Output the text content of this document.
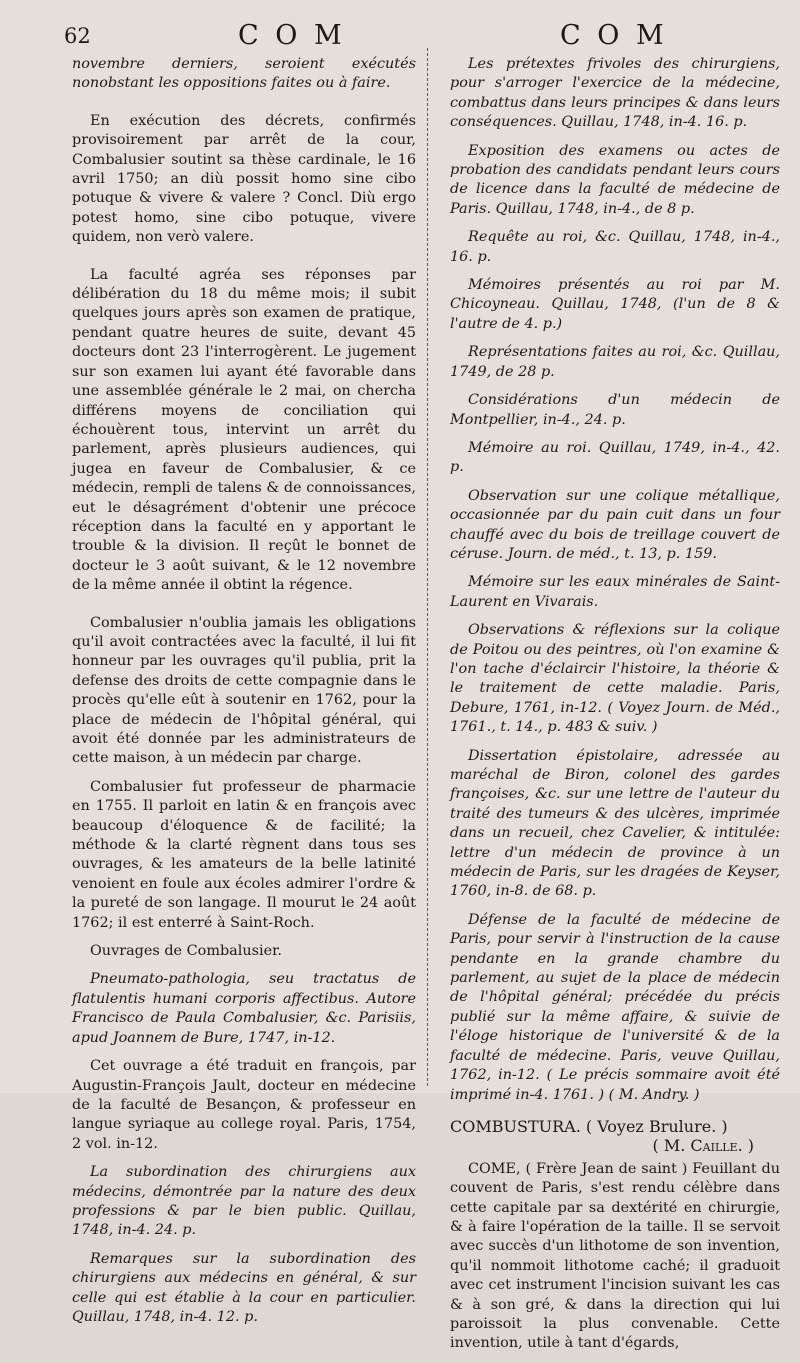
62	C O M	C O M

novembre derniers, seroient exécutés nonobstant les oppositions faites ou à faire.

En exécution des décrets, confirmés provisoirement par arrêt de la cour, Combalusier soutint sa thèse cardinale, le 16 avril 1750; an diù possit homo sine cibo potuque & vivere & valere ? Concl. Diù ergo potest homo, sine cibo potuque, vivere quidem, non verò valere.

La faculté agréa ses réponses par délibération du 18 du même mois; il subit quelques jours après son examen de pratique, pendant quatre heures de suite, devant 45 docteurs dont 23 l'interrogèrent. Le jugement sur son examen lui ayant été favorable dans une assemblée générale le 2 mai, on chercha différens moyens de conciliation qui échouèrent tous, intervint un arrêt du parlement, après plusieurs audiences, qui jugea en faveur de Combalusier, & ce médecin, rempli de talens & de connoissances, eut le désagrément d'obtenir une précoce réception dans la faculté en y apportant le trouble & la division. Il reçût le bonnet de docteur le 3 août suivant, & le 12 novembre de la même année il obtint la régence.

Combalusier n'oublia jamais les obligations qu'il avoit contractées avec la faculté, il lui fit honneur par les ouvrages qu'il publia, prit la defense des droits de cette compagnie dans le procès qu'elle eût à soutenir en 1762, pour la place de médecin de l'hôpital général, qui avoit été donnée par les administrateurs de cette maison, à un médecin par charge.

Combalusier fut professeur de pharmacie en 1755. Il parloit en latin & en françois avec beaucoup d'éloquence & de facilité; la méthode & la clarté règnent dans tous ses ouvrages, & les amateurs de la belle latinité venoient en foule aux écoles admirer l'ordre & la pureté de son langage. Il mourut le 24 août 1762; il est enterré à Saint-Roch.

Ouvrages de Combalusier.

Pneumato-pathologia, seu tractatus de flatulentis humani corporis affectibus. Autore Francisco de Paula Combalusier, &c. Parisiis, apud Joannem de Bure, 1747, in-12.

Cet ouvrage a été traduit en françois, par Augustin-François Jault, docteur en médecine de la faculté de Besançon, & professeur en langue syriaque au college royal. Paris, 1754, 2 vol. in-12.

La subordination des chirurgiens aux médecins, démontrée par la nature des deux professions & par le bien public. Quillau, 1748, in-4. 24. p.

Remarques sur la subordination des chirurgiens aux médecins en général, & sur celle qui est établie à la cour en particulier. Quillau, 1748, in-4. 12. p.

Les prétextes frivoles des chirurgiens, pour s'arroger l'exercice de la médecine, combattus dans leurs principes & dans leurs conséquences. Quillau, 1748, in-4. 16. p.

Exposition des examens ou actes de probation des candidats pendant leurs cours de licence dans la faculté de médecine de Paris. Quillau, 1748, in-4., de 8 p.

Requête au roi, &c. Quillau, 1748, in-4., 16. p.

Mémoires présentés au roi par M. Chicoyneau. Quillau, 1748, (l'un de 8 & l'autre de 4. p.)

Représentations faites au roi, &c. Quillau, 1749, de 28 p.

Considérations d'un médecin de Montpellier, in-4., 24. p.

Mémoire au roi. Quillau, 1749, in-4., 42. p.

Observation sur une colique métallique, occasionnée par du pain cuit dans un four chauffé avec du bois de treillage couvert de céruse. Journ. de méd., t. 13, p. 159.

Mémoire sur les eaux minérales de Saint-Laurent en Vivarais.

Observations & réflexions sur la colique de Poitou ou des peintres, où l'on examine & l'on tache d'éclaircir l'histoire, la théorie & le traitement de cette maladie. Paris, Debure, 1761, in-12. ( Voyez Journ. de Méd., 1761., t. 14., p. 483 & suiv. )

Dissertation épistolaire, adressée au maréchal de Biron, colonel des gardes françoises, &c. sur une lettre de l'auteur du traité des tumeurs & des ulcères, imprimée dans un recueil, chez Cavelier, & intitulée: lettre d'un médecin de province à un médecin de Paris, sur les dragées de Keyser, 1760, in-8. de 68. p.

Défense de la faculté de médecine de Paris, pour servir à l'instruction de la cause pendante en la grande chambre du parlement, au sujet de la place de médecin de l'hôpital général; précédée du précis publié sur la même affaire, & suivie de l'éloge historique de l'université & de la faculté de médecine. Paris, veuve Quillau, 1762, in-12. ( Le précis sommaire avoit été imprimé in-4. 1761. ) ( M. Andry. )

COMBUSTURA. ( Voyez Brulure. )
( M. Caille. )

COME, ( Frère Jean de saint ) Feuillant du couvent de Paris, s'est rendu célèbre dans cette capitale par sa dextérité en chirurgie, & à faire l'opération de la taille. Il se servoit avec succès d'un lithotome de son invention, qu'il nommoit lithotome caché; il graduoit avec cet instrument l'incision suivant les cas & à son gré, & dans la direction qui lui paroissoit la plus convenable. Cette invention, utile à tant d'égards,
